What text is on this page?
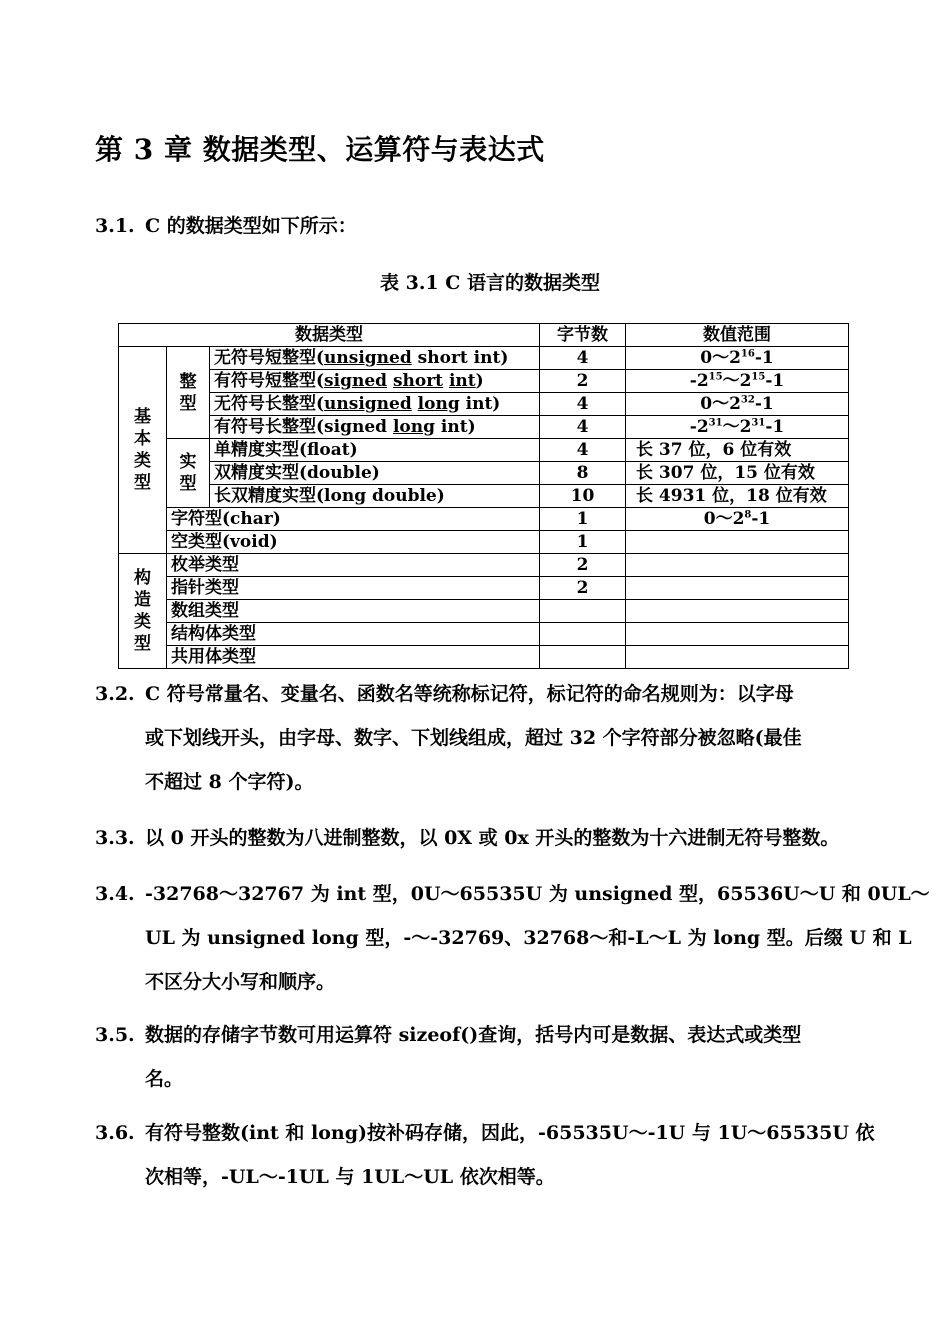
第 3 章 数据类型、运算符与表达式
3.1. C 的数据类型如下所示：

表 3.1 C 语言的数据类型
数据类型			字节数	数值范围
基本类型	整型	无符号短整型(unsigned short int)	4	$0\sim 2^{16}-1$
		有符号短整型(signed short int)	2	$-2^{15}\sim 2^{15}-1$
		无符号长整型(unsigned long int)	4	$0\sim 2^{32}-1$
		有符号长整型(signed long int)	4	$-2^{31}\sim 2^{31}-1$
	实型	单精度实型(float)	4	长 37 位，6 位有效
		双精度实型(double)	8	长 307 位，15 位有效
		长双精度实型(long double)	10	长 4931 位，18 位有效
	字符型(char)		1	$0\sim 2^8-1$
	空类型(void)		1	
构造类型	枚举类型		2	
	指针类型		2	
	数组类型			
	结构体类型			
	共用体类型			
3.2. C 符号常量名、变量名、函数名等统称标记符，标记符的命名规则为：以字母

或下划线开头，由字母、数字、下划线组成，超过 32 个字符部分被忽略(最佳

不超过 8 个字符)。

3.3. 以 0 开头的整数为八进制整数，以 0X 或 0x 开头的整数为十六进制无符号整数。

3.4. -32768～32767 为 int 型，0U～65535U 为 unsigned 型，65536U～U 和 0UL～

UL 为 unsigned long 型，-～-32769、32768～和-L～L 为 long 型。后缀 U 和 L

不区分大小写和顺序。

3.5. 数据的存储字节数可用运算符 sizeof()查询，括号内可是数据、表达式或类型

名。

3.6. 有符号整数(int 和 long)按补码存储，因此，-65535U～-1U 与 1U～65535U 依

次相等，-UL～-1UL 与 1UL～UL 依次相等。
